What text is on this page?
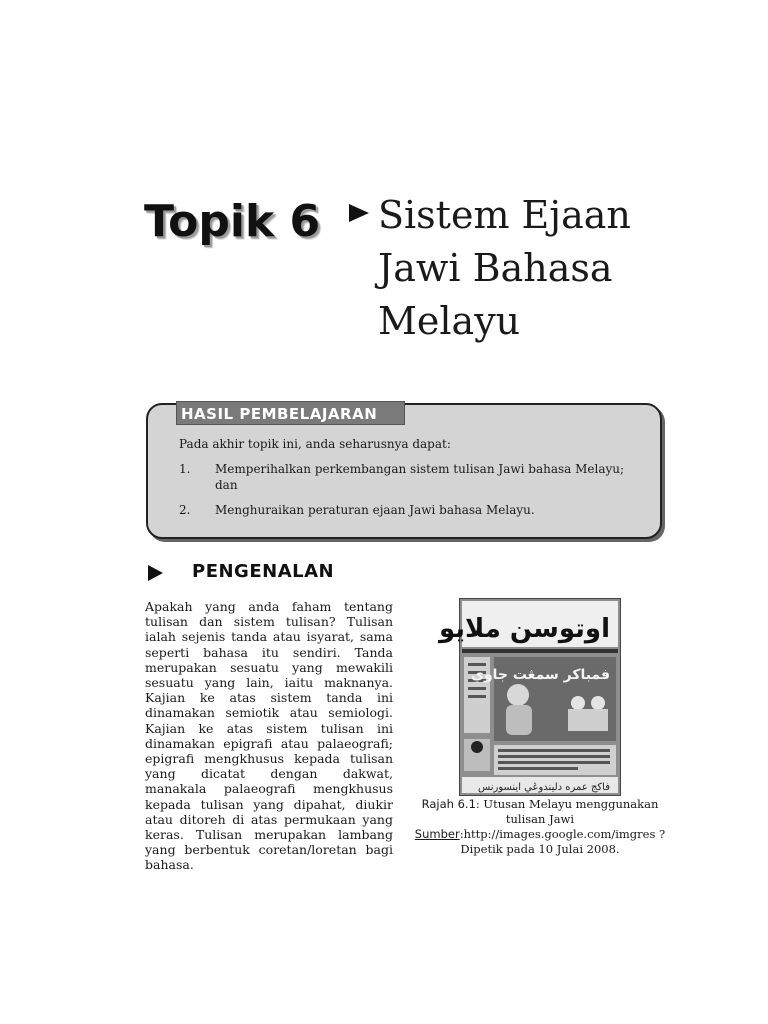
Topik 6 Sistem Ejaan Jawi Bahasa Melayu
HASIL PEMBELAJARAN
Pada akhir topik ini, anda seharusnya dapat:
1.	Memperihalkan perkembangan sistem tulisan Jawi bahasa Melayu; dan
2.	Menghuraikan peraturan ejaan Jawi bahasa Melayu.
PENGENALAN
Apakah yang anda faham tentang tulisan dan sistem tulisan? Tulisan ialah sejenis tanda atau isyarat, sama seperti bahasa itu sendiri. Tanda merupakan sesuatu yang mewakili sesuatu yang lain, iaitu maknanya. Kajian ke atas sistem tanda ini dinamakan semiotik atau semiologi. Kajian ke atas sistem tulisan ini dinamakan epigrafi atau palaeografi; epigrafi mengkhusus kepada tulisan yang dicatat dengan dakwat, manakala palaeografi mengkhusus kepada tulisan yang dipahat, diukir atau ditoreh di atas permukaan yang keras. Tulisan merupakan lambang yang berbentuk coretan/loretan bagi bahasa.
اوتوسن ملايو
فمباكر سمڠت جاوي
فاكج عمره دليندوڠي اينسورنس
Rajah 6.1: Utusan Melayu menggunakan tulisan Jawi
Sumber:http://images.google.com/imgres ? Dipetik pada 10 Julai 2008.
